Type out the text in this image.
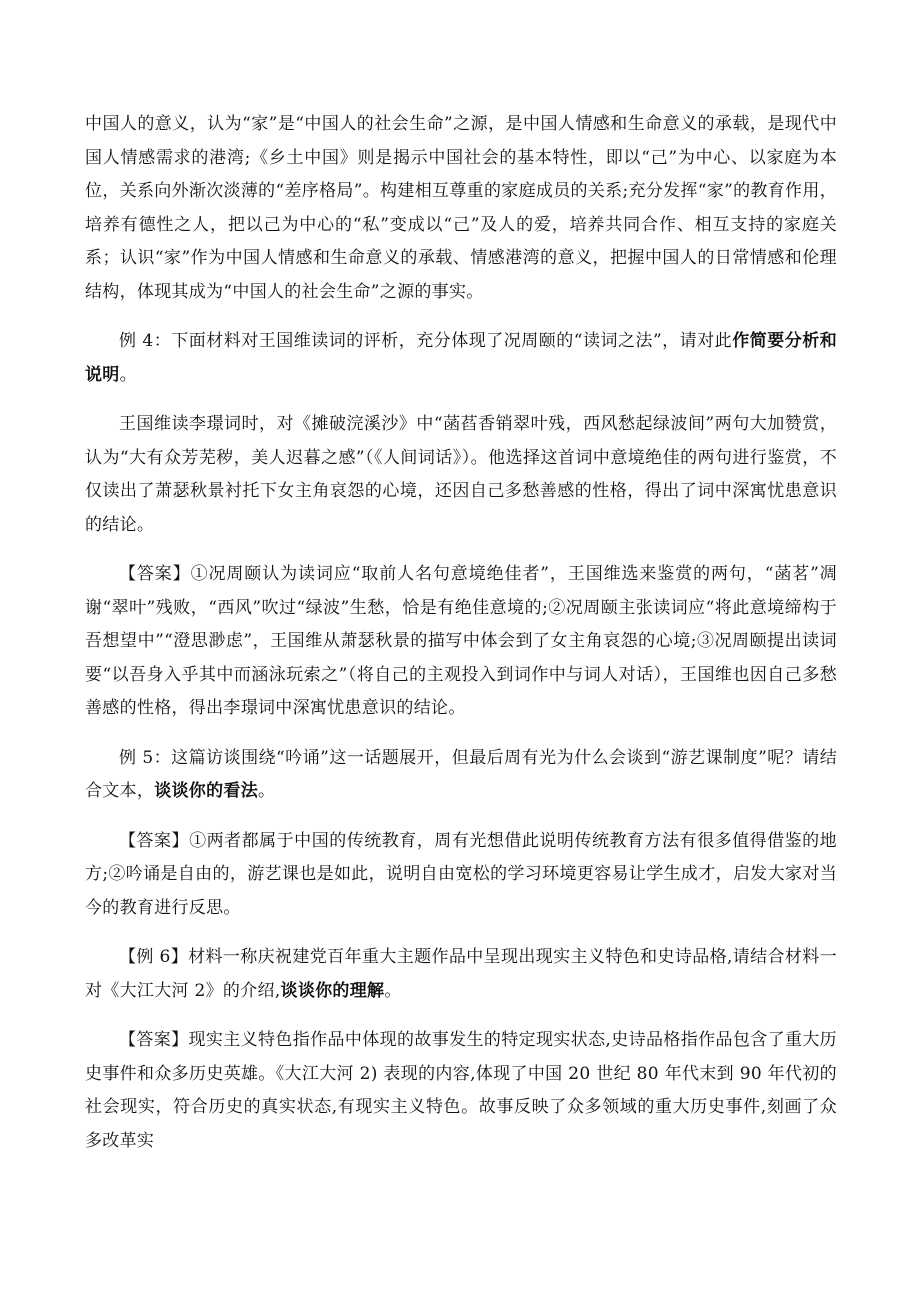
中国人的意义，认为“家”是“中国人的社会生命”之源，是中国人情感和生命意义的承载，是现代中国人情感需求的港湾;《乡土中国》则是揭示中国社会的基本特性，即以“己”为中心、以家庭为本位，关系向外渐次淡薄的“差序格局”。构建相互尊重的家庭成员的关系;充分发挥“家”的教育作用，培养有德性之人，把以己为中心的“私”变成以“己”及人的爱，培养共同合作、相互支持的家庭关系；认识“家”作为中国人情感和生命意义的承载、情感港湾的意义，把握中国人的日常情感和伦理结构，体现其成为“中国人的社会生命”之源的事实。

例 4：下面材料对王国维读词的评析，充分体现了况周颐的“读词之法”，请对此作简要分析和说明。

王国维读李璟词时，对《摊破浣溪沙》中“菡萏香销翠叶残，西风愁起绿波间”两句大加赞赏，认为“大有众芳芜秽，美人迟暮之感”（《人间词话》）。他选择这首词中意境绝佳的两句进行鉴赏，不仅读出了萧瑟秋景衬托下女主角哀怨的心境，还因自己多愁善感的性格，得出了词中深寓忧患意识的结论。

【答案】①况周颐认为读词应“取前人名句意境绝佳者”，王国维选来鉴赏的两句，“菡茗”凋谢“翠叶”残败，“西风”吹过“绿波”生愁，恰是有绝佳意境的;②况周颐主张读词应“将此意境缔构于吾想望中”“澄思渺虑”，王国维从萧瑟秋景的描写中体会到了女主角哀怨的心境;③况周颐提出读词要“以吾身入乎其中而涵泳玩索之”（将自己的主观投入到词作中与词人对话），王国维也因自己多愁善感的性格，得出李璟词中深寓忧患意识的结论。

例 5：这篇访谈围绕“吟诵”这一话题展开，但最后周有光为什么会谈到“游艺课制度”呢？请结合文本，谈谈你的看法。

【答案】①两者都属于中国的传统教育，周有光想借此说明传统教育方法有很多值得借鉴的地方;②吟诵是自由的，游艺课也是如此，说明自由宽松的学习环境更容易让学生成才，启发大家对当今的教育进行反思。

【例 6】材料一称庆祝建党百年重大主题作品中呈现出现实主义特色和史诗品格,请结合材料一对《大江大河 2》的介绍,谈谈你的理解。

【答案】现实主义特色指作品中体现的故事发生的特定现实状态,史诗品格指作品包含了重大历史事件和众多历史英雄。《大江大河 2) 表现的内容,体现了中国 20 世纪 80 年代末到 90 年代初的社会现实，符合历史的真实状态,有现实主义特色。故事反映了众多领域的重大历史事件,刻画了众多改革实
